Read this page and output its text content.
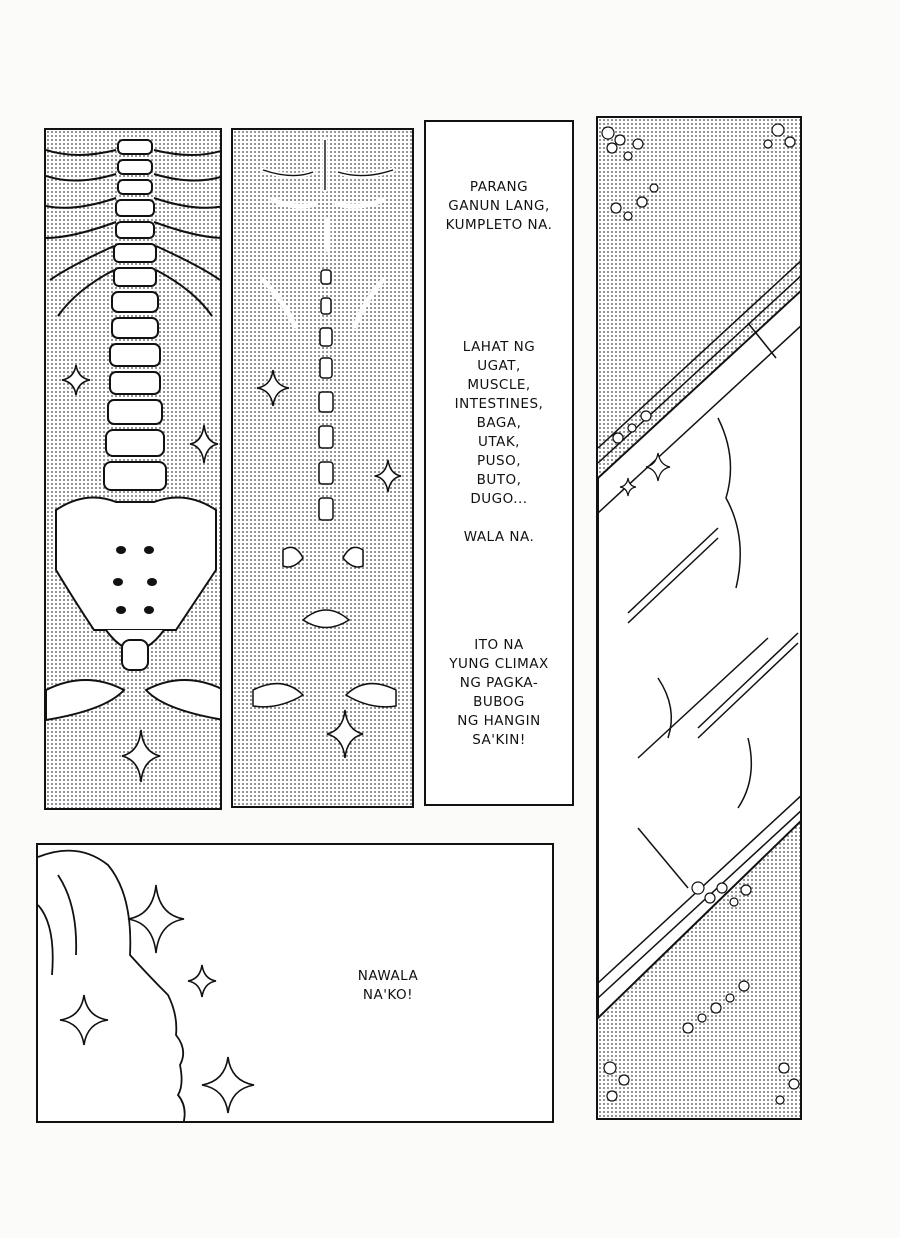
PARANG
GANUN LANG,
KUMPLETO NA.
LAHAT NG
UGAT,
MUSCLE,
INTESTINES,
BAGA,
UTAK,
PUSO,
BUTO,
DUGO...
WALA NA.
ITO NA
YUNG CLIMAX
NG PAGKA-
BUBOG
NG HANGIN
SA'KIN!
NAWALA
NA'KO!
